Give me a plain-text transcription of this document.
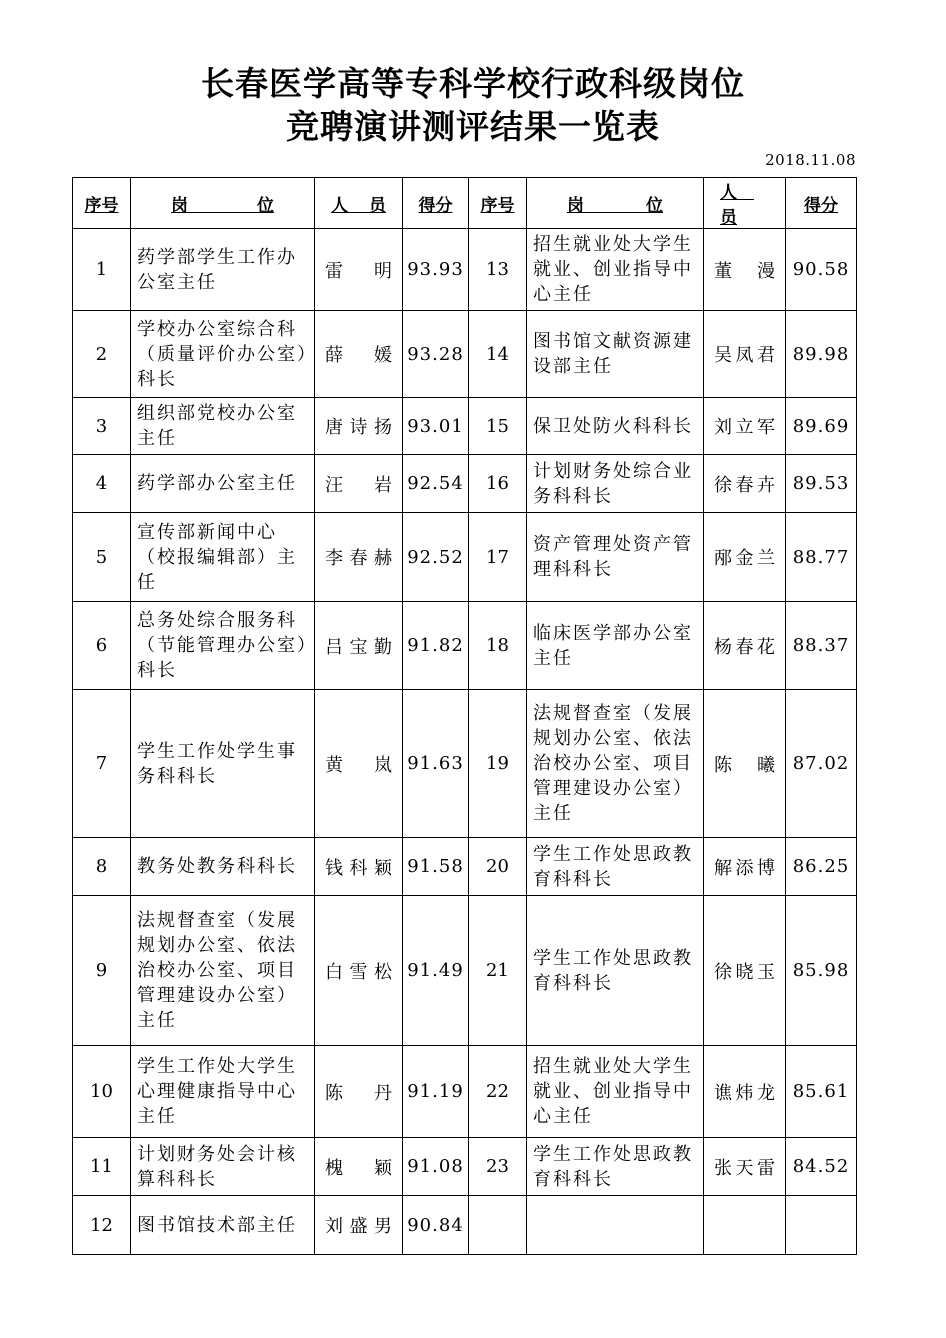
长春医学高等专科学校行政科级岗位
竞聘演讲测评结果一览表
2018.11.08
序号	岗　位	人　员	得分	序号	岗　位	人　员	得分
1	药学部学生工作办公室主任	雷　明	93.93	13	招生就业处大学生就业、创业指导中心主任	董　漫	90.58
2	学校办公室综合科（质量评价办公室）科长	薛　媛	93.28	14	图书馆文献资源建设部主任	吴凤君	89.98
3	组织部党校办公室主任	唐诗扬	93.01	15	保卫处防火科科长	刘立军	89.69
4	药学部办公室主任	汪　岩	92.54	16	计划财务处综合业务科科长	徐春卉	89.53
5	宣传部新闻中心（校报编辑部）主任	李春赫	92.52	17	资产管理处资产管理科科长	邴金兰	88.77
6	总务处综合服务科（节能管理办公室）科长	吕宝勤	91.82	18	临床医学部办公室主任	杨春花	88.37
7	学生工作处学生事务科科长	黄　岚	91.63	19	法规督查室（发展规划办公室、依法治校办公室、项目管理建设办公室）主任	陈　曦	87.02
8	教务处教务科科长	钱科颖	91.58	20	学生工作处思政教育科科长	解添博	86.25
9	法规督查室（发展规划办公室、依法治校办公室、项目管理建设办公室）主任	白雪松	91.49	21	学生工作处思政教育科科长	徐晓玉	85.98
10	学生工作处大学生心理健康指导中心主任	陈　丹	91.19	22	招生就业处大学生就业、创业指导中心主任	谯炜龙	85.61
11	计划财务处会计核算科科长	槐　颖	91.08	23	学生工作处思政教育科科长	张天雷	84.52
12	图书馆技术部主任	刘盛男	90.84				
